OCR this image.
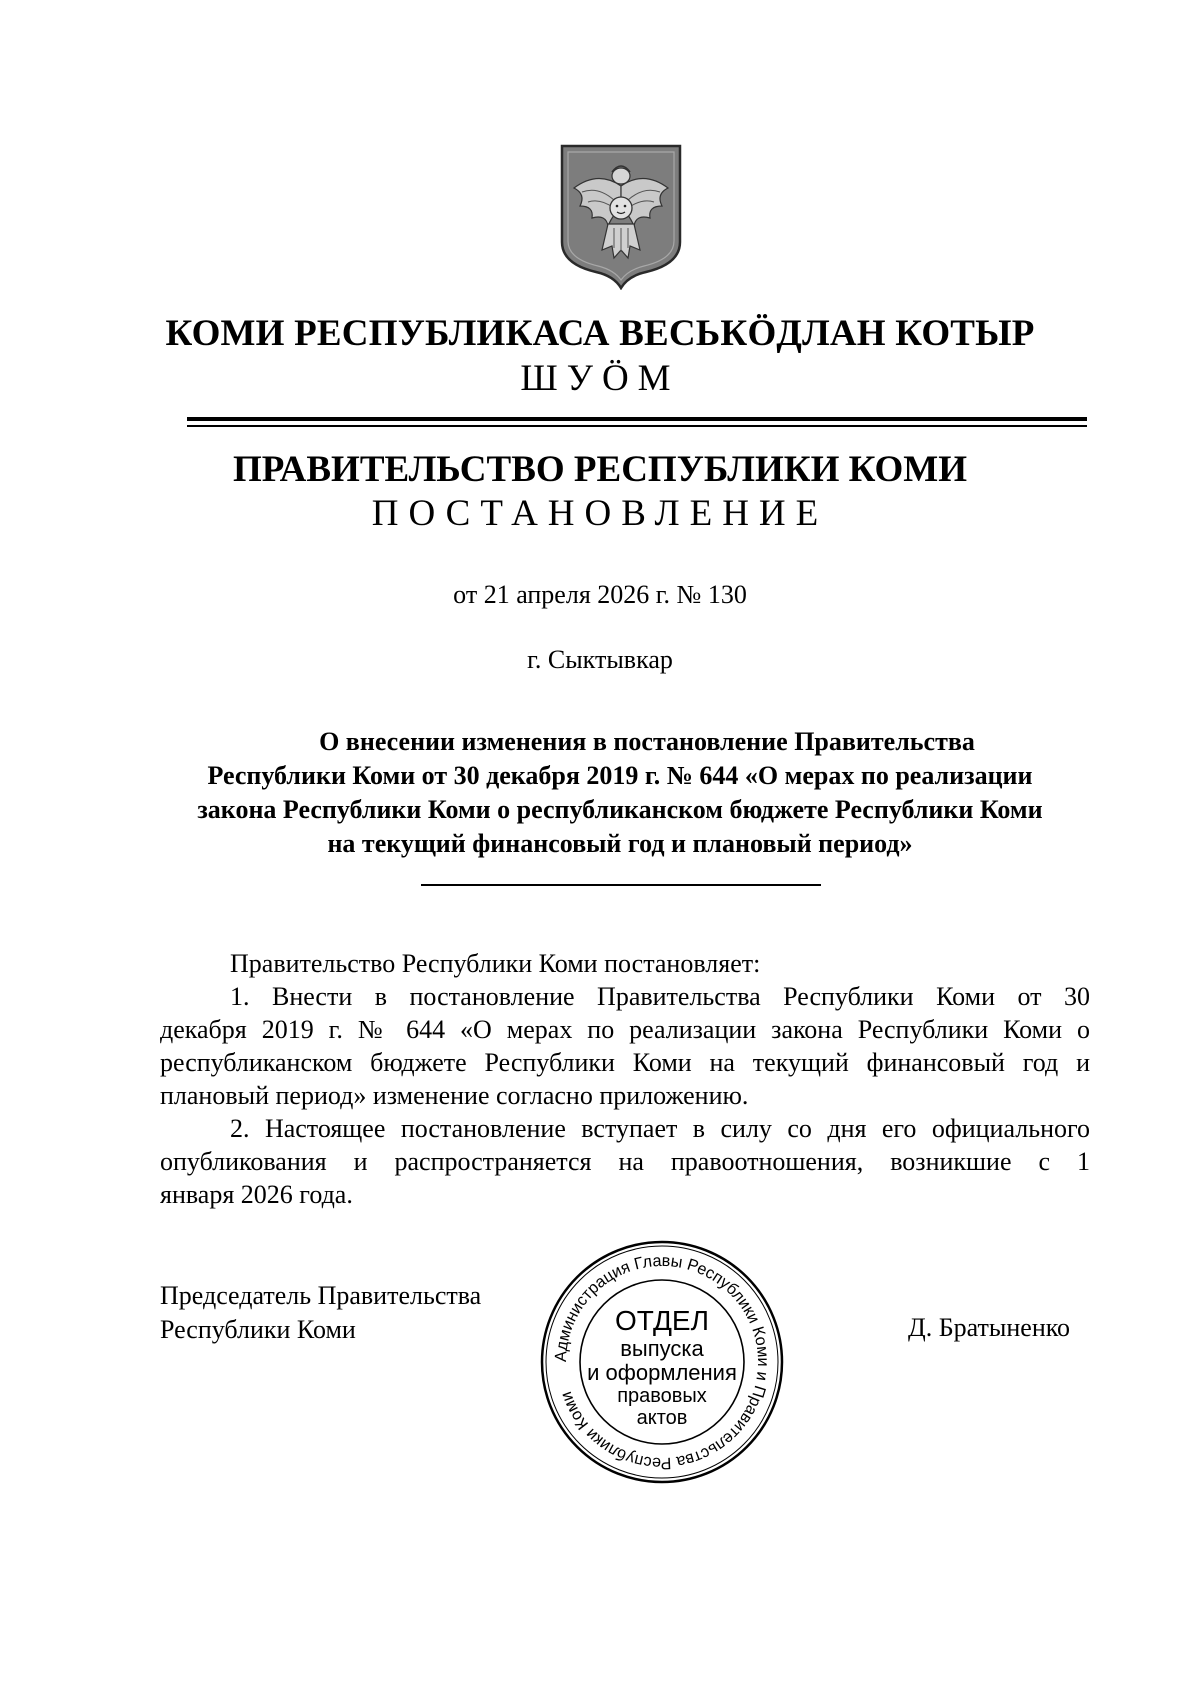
КОМИ РЕСПУБЛИКАСА ВЕСЬКÖДЛАН КОТЫР
ШУÖМ
ПРАВИТЕЛЬСТВО РЕСПУБЛИКИ КОМИ
ПОСТАНОВЛЕНИЕ
от 21 апреля 2026 г. № 130
г. Сыктывкар
О внесении изменения в постановление Правительства
Республики Коми от 30 декабря 2019 г. № 644 «О мерах по реализации
закона Республики Коми о республиканском бюджете Республики Коми
на текущий финансовый год и плановый период»
Правительство Республики Коми постановляет:
1. Внести в постановление Правительства Республики Коми от 30
декабря 2019 г. № 644 «О мерах по реализации закона Республики Коми о
республиканском бюджете Республики Коми на текущий финансовый год и
плановый период» изменение согласно приложению.
2. Настоящее постановление вступает в силу со дня его официального
опубликования и распространяется на правоотношения, возникшие с 1
января 2026 года.
Председатель Правительства
Республики Коми	Д. Братыненко
Администрация Главы Республики Коми и Правительства Республики Коми
ОТДЕЛ
выпуска
и оформления
правовых
актов
